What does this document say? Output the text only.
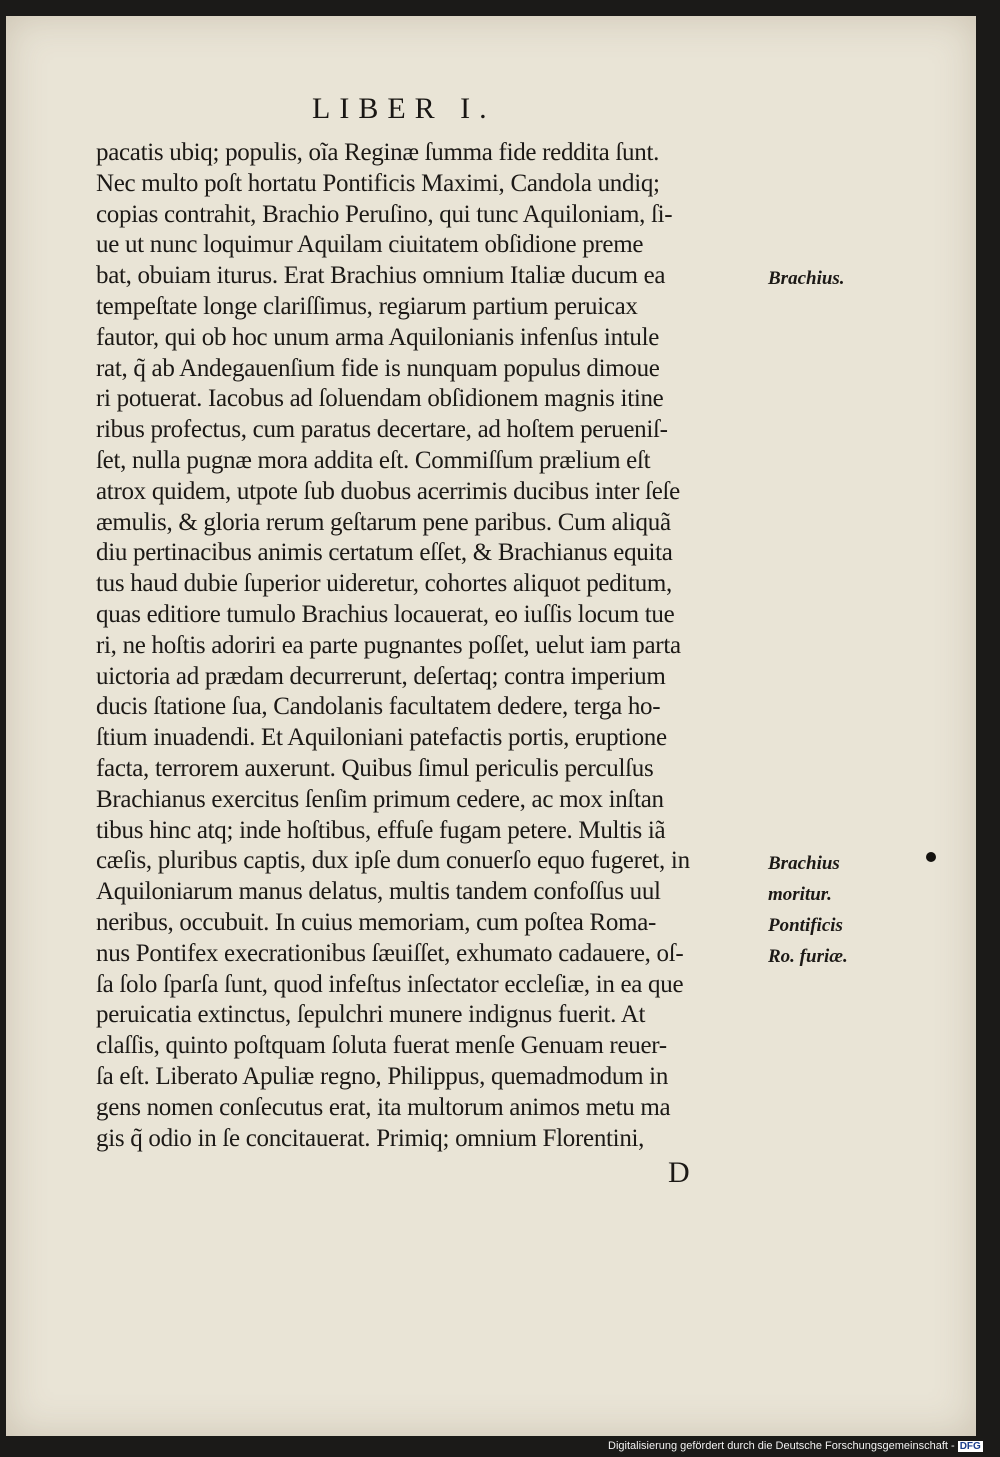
LIBER I.
pacatis ubiq; populis, oĩa Reginæ ſumma fide reddita ſunt.
Nec multo poſt hortatu Pontificis Maximi, Candola undiq;
copias contrahit, Brachio Peruſino, qui tunc Aquiloniam, ſi-
ue ut nunc loquimur Aquilam ciuitatem obſidione preme
bat, obuiam iturus. Erat Brachius omnium Italiæ ducum ea
tempeſtate longe clariſſimus, regiarum partium peruicax
fautor, qui ob hoc unum arma Aquilonianis infenſus intule
rat, q̃ ab Andegauenſium fide is nunquam populus dimoue
ri potuerat. Iacobus ad ſoluendam obſidionem magnis itine
ribus profectus, cum paratus decertare, ad hoſtem perueniſ-
ſet, nulla pugnæ mora addita eſt. Commiſſum prælium eſt
atrox quidem, utpote ſub duobus acerrimis ducibus inter ſeſe
æmulis, & gloria rerum geſtarum pene paribus. Cum aliquã
diu pertinacibus animis certatum eſſet, & Brachianus equita
tus haud dubie ſuperior uideretur, cohortes aliquot peditum,
quas editiore tumulo Brachius locauerat, eo iuſſis locum tue
ri, ne hoſtis adoriri ea parte pugnantes poſſet, uelut iam parta
uictoria ad prædam decurrerunt, deſertaq; contra imperium
ducis ſtatione ſua, Candolanis facultatem dedere, terga ho-
ſtium inuadendi. Et Aquiloniani patefactis portis, eruptione
facta, terrorem auxerunt. Quibus ſimul periculis perculſus
Brachianus exercitus ſenſim primum cedere, ac mox inſtan
tibus hinc atq; inde hoſtibus, effuſe fugam petere. Multis iã
cæſis, pluribus captis, dux ipſe dum conuerſo equo fugeret, in
Aquiloniarum manus delatus, multis tandem confoſſus uul
neribus, occubuit. In cuius memoriam, cum poſtea Roma-
nus Pontifex execrationibus ſæuiſſet, exhumato cadauere, oſ-
ſa ſolo ſparſa ſunt, quod infeſtus inſectator eccleſiæ, in ea que
peruicatia extinctus, ſepulchri munere indignus fuerit. At
claſſis, quinto poſtquam ſoluta fuerat menſe Genuam reuer-
ſa eſt. Liberato Apuliæ regno, Philippus, quemadmodum in
gens nomen conſecutus erat, ita multorum animos metu ma
gis q̃ odio in ſe concitauerat. Primiq; omnium Florentini,
Brachius.
Brachius
moritur.
Pontificis
Ro. furiæ.
D
Digitalisierung gefördert durch die Deutsche Forschungsgemeinschaft - DFG
